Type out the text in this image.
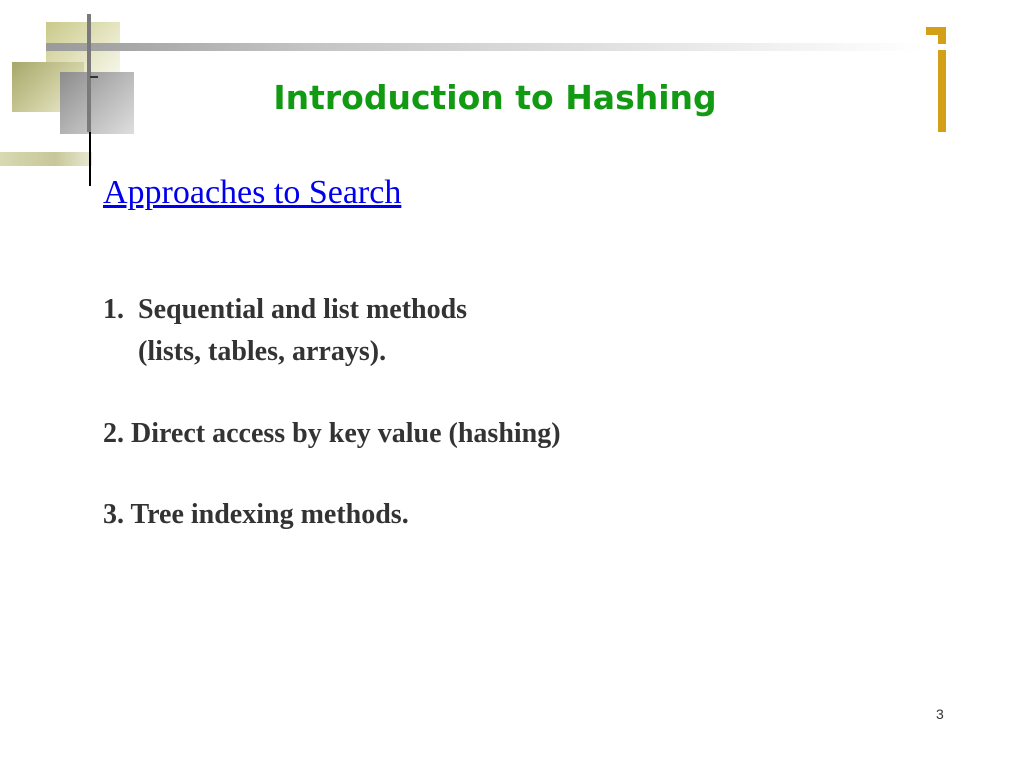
Introduction to Hashing
Approaches to Search

1.  Sequential and list methods

(lists, tables, arrays).

2. Direct access by key value (hashing)

3. Tree indexing methods.

3
